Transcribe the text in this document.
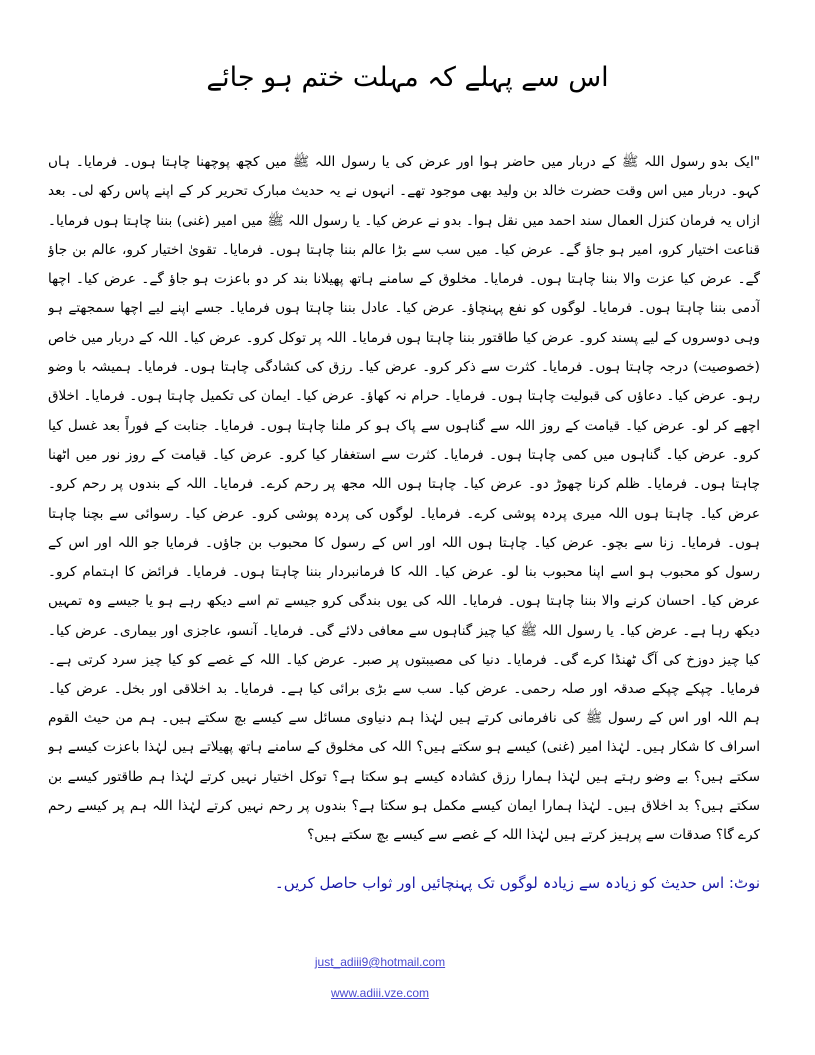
اس سے پہلے کہ مہلت ختم ہو جائے

"ایک بدو رسول اللہ ﷺ کے دربار میں حاضر ہوا اور عرض کی یا رسول اللہ ﷺ میں کچھ پوچھنا چاہتا ہوں۔ فرمایا۔ ہاں کہو۔ دربار میں اس وقت حضرت خالد بن ولید بھی موجود تھے۔ انہوں نے یہ حدیث مبارک تحریر کر کے اپنے پاس رکھ لی۔ بعد ازاں یہ فرمان کنزل العمال سند احمد میں نقل ہوا۔ بدو نے عرض کیا۔ یا رسول اللہ ﷺ میں امیر (غنی) بننا چاہتا ہوں فرمایا۔ قناعت اختیار کرو، امیر ہو جاؤ گے۔ عرض کیا۔ میں سب سے بڑا عالم بننا چاہتا ہوں۔ فرمایا۔ تقویٰ اختیار کرو، عالم بن جاؤ گے۔ عرض کیا عزت والا بننا چاہتا ہوں۔ فرمایا۔ مخلوق کے سامنے ہاتھ پھیلانا بند کر دو باعزت ہو جاؤ گے۔ عرض کیا۔ اچھا آدمی بننا چاہتا ہوں۔ فرمایا۔ لوگوں کو نفع پہنچاؤ۔ عرض کیا۔ عادل بننا چاہتا ہوں فرمایا۔ جسے اپنے لیے اچھا سمجھتے ہو وہی دوسروں کے لیے پسند کرو۔ عرض کیا طاقتور بننا چاہتا ہوں فرمایا۔ اللہ پر توکل کرو۔ عرض کیا۔ اللہ کے دربار میں خاص (خصوصیت) درجہ چاہتا ہوں۔ فرمایا۔ کثرت سے ذکر کرو۔ عرض کیا۔ رزق کی کشادگی چاہتا ہوں۔ فرمایا۔ ہمیشہ با وضو رہو۔ عرض کیا۔ دعاؤں کی قبولیت چاہتا ہوں۔ فرمایا۔ حرام نہ کھاؤ۔ عرض کیا۔ ایمان کی تکمیل چاہتا ہوں۔ فرمایا۔ اخلاق اچھے کر لو۔ عرض کیا۔ قیامت کے روز اللہ سے گناہوں سے پاک ہو کر ملنا چاہتا ہوں۔ فرمایا۔ جنابت کے فوراً بعد غسل کیا کرو۔ عرض کیا۔ گناہوں میں کمی چاہتا ہوں۔ فرمایا۔ کثرت سے استغفار کیا کرو۔ عرض کیا۔ قیامت کے روز نور میں اٹھنا چاہتا ہوں۔ فرمایا۔ ظلم کرنا چھوڑ دو۔ عرض کیا۔ چاہتا ہوں اللہ مجھ پر رحم کرے۔ فرمایا۔ اللہ کے بندوں پر رحم کرو۔ عرض کیا۔ چاہتا ہوں اللہ میری پردہ پوشی کرے۔ فرمایا۔ لوگوں کی پردہ پوشی کرو۔ عرض کیا۔ رسوائی سے بچنا چاہتا ہوں۔ فرمایا۔ زنا سے بچو۔ عرض کیا۔ چاہتا ہوں اللہ اور اس کے رسول کا محبوب بن جاؤں۔ فرمایا جو اللہ اور اس کے رسول کو محبوب ہو اسے اپنا محبوب بنا لو۔ عرض کیا۔ اللہ کا فرمانبردار بننا چاہتا ہوں۔ فرمایا۔ فرائض کا اہتمام کرو۔ عرض کیا۔ احسان کرنے والا بننا چاہتا ہوں۔ فرمایا۔ اللہ کی یوں بندگی کرو جیسے تم اسے دیکھ رہے ہو یا جیسے وہ تمہیں دیکھ رہا ہے۔ عرض کیا۔ یا رسول اللہ ﷺ کیا چیز گناہوں سے معافی دلائے گی۔ فرمایا۔ آنسو، عاجزی اور بیماری۔ عرض کیا۔ کیا چیز دوزخ کی آگ ٹھنڈا کرے گی۔ فرمایا۔ دنیا کی مصیبتوں پر صبر۔ عرض کیا۔ اللہ کے غصے کو کیا چیز سرد کرتی ہے۔ فرمایا۔ چپکے چپکے صدقہ اور صلہ رحمی۔ عرض کیا۔ سب سے بڑی برائی کیا ہے۔ فرمایا۔ بد اخلاقی اور بخل۔ عرض کیا۔

ہم اللہ اور اس کے رسول ﷺ کی نافرمانی کرتے ہیں لہٰذا ہم دنیاوی مسائل سے کیسے بچ سکتے ہیں۔ ہم من حیث القوم اسراف کا شکار ہیں۔ لہٰذا امیر (غنی) کیسے ہو سکتے ہیں؟ اللہ کی مخلوق کے سامنے ہاتھ پھیلاتے ہیں لہٰذا باعزت کیسے ہو سکتے ہیں؟ بے وضو رہتے ہیں لہٰذا ہمارا رزق کشادہ کیسے ہو سکتا ہے؟ توکل اختیار نہیں کرتے لہٰذا ہم طاقتور کیسے بن سکتے ہیں؟ بد اخلاق ہیں۔ لہٰذا ہمارا ایمان کیسے مکمل ہو سکتا ہے؟ بندوں پر رحم نہیں کرتے لہٰذا اللہ ہم پر کیسے رحم کرے گا؟ صدقات سے پرہیز کرتے ہیں لہٰذا اللہ کے غصے سے کیسے بچ سکتے ہیں؟

نوٹ: اس حدیث کو زیادہ سے زیادہ لوگوں تک پہنچائیں اور ثواب حاصل کریں۔
just_adiii9@hotmail.com
www.adiii.vze.com
